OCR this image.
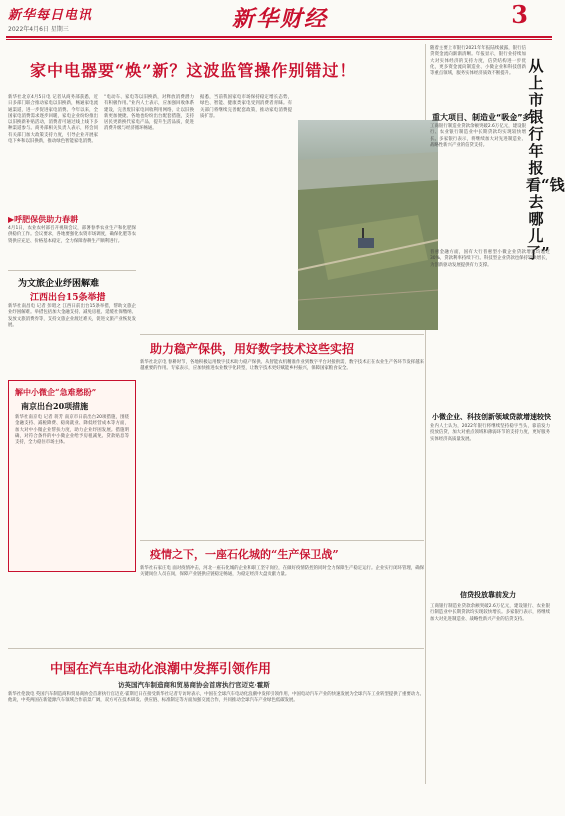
新华每日电讯
2022年4月6日 星期三	新华财经	3
家中电器要“焕”新？这波监管操作别错过！
新华社北京4月5日电 记者从商务部获悉，近日多部门联合推动家电以旧换新，畅通家电流通渠道，进一步促进家电消费。今年以来，全国家电消费需求逐步回暖，家电企业纷纷推出以旧换新补贴活动，消费者可通过线上线下多种渠道参与。商务部相关负责人表示，将会同有关部门加大政策支持力度，引导企业开展家电下乡和以旧换新，推动绿色智能家电消费。
“电动车、家电等以旧换新，对释放消费潜力有积极作用。”业内人士表示，应加强回收体系建设，完善废旧家电回收利用网络，让以旧换新更加便捷。各地也纷纷出台配套措施，支持居民更新换代家电产品，提升生活品质，促进消费升级与经济循环畅通。
据悉，当前我国家电市场保持稳定增长态势，绿色、智能、健康类家电受到消费者青睐。有关部门将继续完善配套政策，推动家电消费提质扩容。
▶呼肥保供助力春耕
4月1日，农业农村部召开视频会议，部署春季农业生产和化肥保供稳价工作。会议要求，各地要强化农资市场调度，确保化肥等农资供应充足、价格基本稳定，全力保障春耕生产顺利进行。
为文旅企业纾困解难
江西出台15条举措
新华社南昌电 记者 彭昭之 江西日前出台15条举措，帮助文旅企业纾困解难。举措包括加大金融支持、减免房租、延缓社保缴纳、发放文旅消费券等，支持文旅企业渡过难关，促进文旅产业恢复发展。
助力稳产保供，用好数字技术这些实招
新华社北京电 春耕时节，各地积极运用数字技术助力稳产保供。从智能农机精准作业到数字平台对接供需，数字技术正在农业生产各环节发挥越来越重要的作用。专家表示，应加快推进农业数字化转型，让数字技术更好赋能乡村振兴，保障国家粮食安全。
解中小微企“急难愁盼”
南京出台20项措施
新华社南京电 记者 蒋芳 南京市日前出台20项措施，围绕金融支持、减税降费、稳岗就业、降低经营成本等方面，加大对中小微企业帮扶力度，助力企业纾困发展。措施明确，对符合条件的中小微企业给予房租减免、贷款贴息等支持，全力稳住市场主体。
疫情之下，一座石化城的“生产保卫战”
新华社石家庄电 面对疫情冲击，河北一座石化城的企业和职工坚守岗位，在做好疫情防控的同时全力保障生产稳定运行。企业实行闭环管理，确保关键岗位人员在岗，保障产业链供应链稳定畅通，为稳定经济大盘贡献力量。
中国在汽车电动化浪潮中发挥引领作用
访英国汽车制造商和贸易商协会首席执行官迈克·霍斯
新华社伦敦电 英国汽车制造商和贸易商协会首席执行官迈克·霍斯近日在接受新华社记者专访时表示，中国在全球汽车电动化浪潮中发挥引领作用，中国电动汽车产业的快速发展为全球汽车工业转型提供了重要动力。他说，中英两国在新能源汽车领域合作前景广阔，双方可在技术研发、供应链、标准制定等方面加强交流合作，共同推动全球汽车产业绿色低碳发展。
从上市银行年报看“钱去哪儿了”
随着主要上市银行2021年年报陆续披露，银行信贷资金流向渐渐清晰。年报显示，银行业持续加大对实体经济的支持力度，信贷结构进一步优化，更多资金流向制造业、小微企业和科技创新等重点领域，服务实体经济质效不断提升。
重大项目、制造业“吸金”多
工商银行制造业贷款余额突破2.6万亿元，建设银行、农业银行制造业中长期贷款均实现较快增长。多家银行表示，将继续加大对先进制造业、战略性新兴产业的信贷支持。
普惠金融方面，国有大行普惠型小微企业贷款增速均超过30%，贷款利率持续下行。科技型企业贷款也保持较快增长，为创新驱动发展提供有力支撑。
小微企业、科技创新领域贷款增速较快
业内人士认为，2022年银行将继续坚持稳字当头，靠前发力投放信贷，加大对重点领域和薄弱环节的支持力度，更好服务实体经济高质量发展。
信贷投放靠前发力
工商银行制造业贷款余额突破2.6万亿元，建设银行、农业银行制造业中长期贷款均实现较快增长。多家银行表示，将继续加大对先进制造业、战略性新兴产业的信贷支持。
